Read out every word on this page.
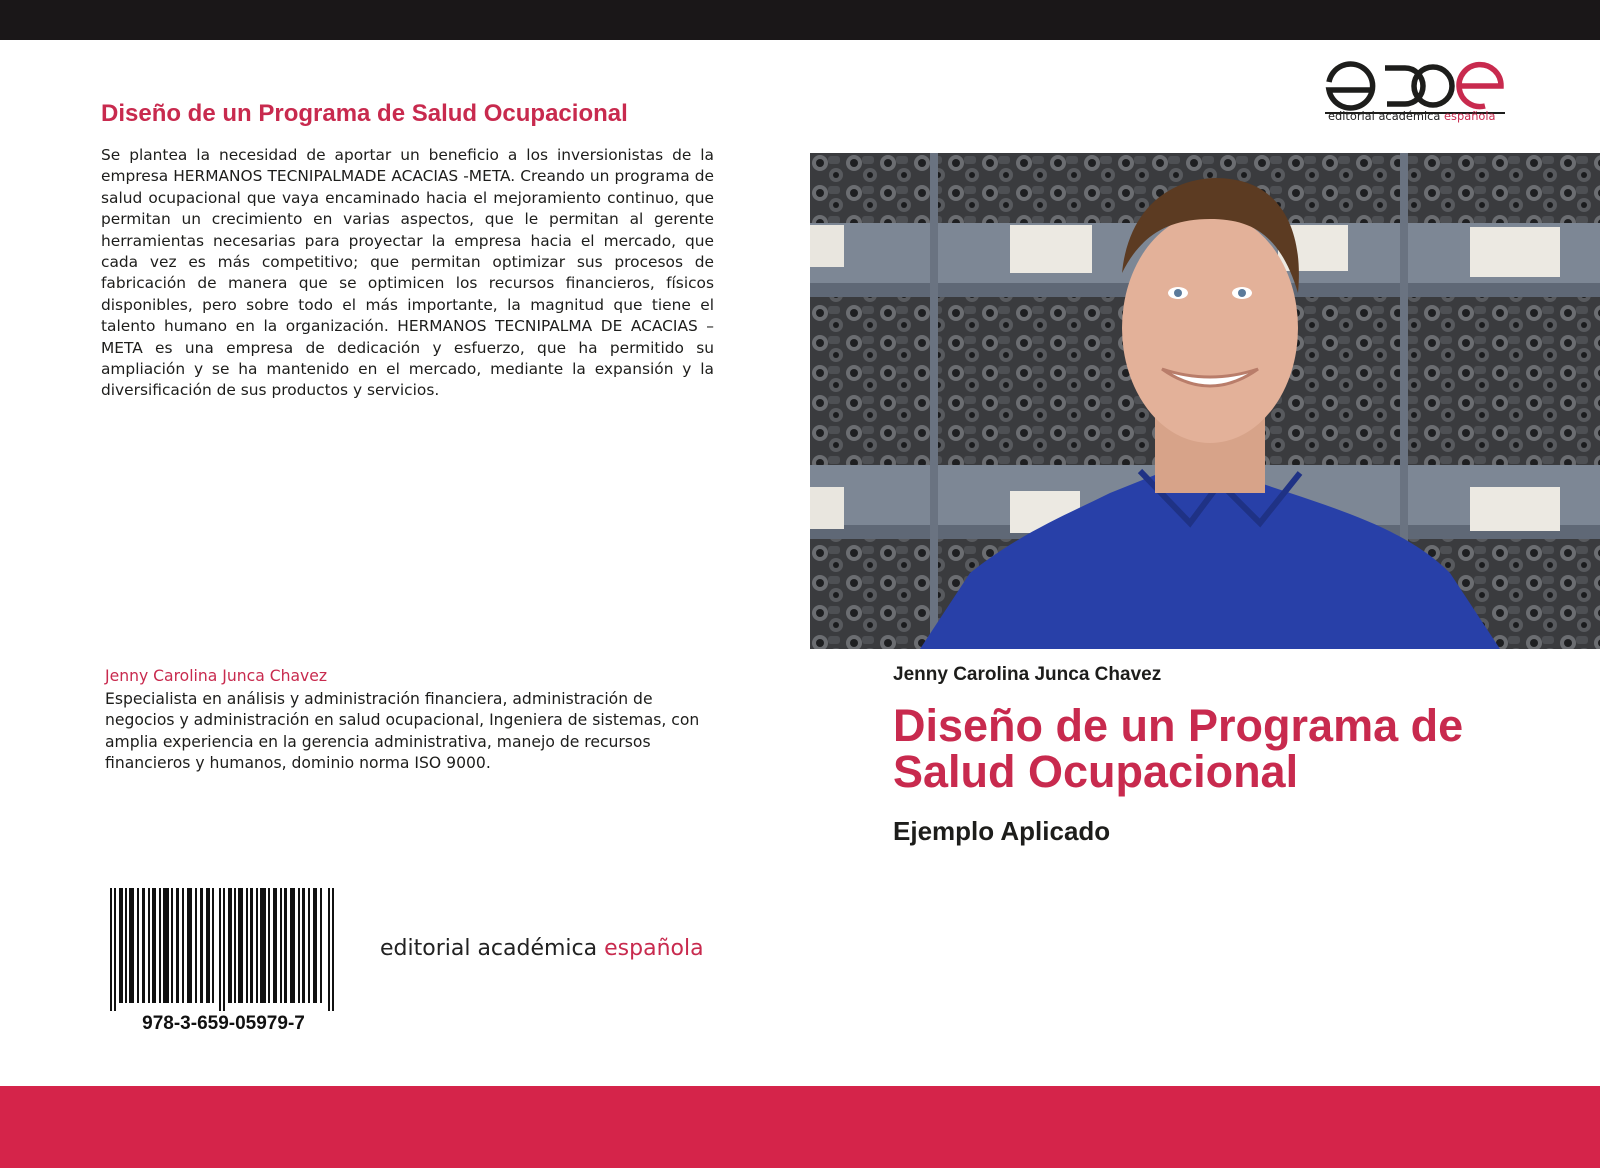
Diseño de un Programa de Salud Ocupacional
Se plantea la necesidad de aportar un beneficio a los inversionistas de la empresa HERMANOS TECNIPALMADE ACACIAS -META. Creando un programa de salud ocupacional que vaya encaminado hacia el mejoramiento continuo, que permitan un crecimiento en varias aspectos, que le permitan al gerente herramientas necesarias para proyectar la empresa hacia el mercado, que cada vez es más competitivo; que permitan optimizar sus procesos de fabricación de manera que se optimicen los recursos financieros, físicos disponibles, pero sobre todo el más importante, la magnitud que tiene el talento humano en la organización. HERMANOS TECNIPALMA DE ACACIAS – META es una empresa de dedicación y esfuerzo, que ha permitido su ampliación y se ha mantenido en el mercado, mediante la expansión y la diversificación de sus productos y servicios.
Jenny Carolina Junca Chavez
Especialista en análisis y administración financiera, administración de negocios y administración en salud ocupacional, Ingeniera de sistemas, con amplia experiencia en la gerencia administrativa, manejo de recursos financieros y humanos, dominio norma ISO 9000.
978-3-659-05979-7
editorial académica española
editorial académica española
Jenny Carolina Junca Chavez
Diseño de un Programa de Salud Ocupacional
Ejemplo Aplicado
